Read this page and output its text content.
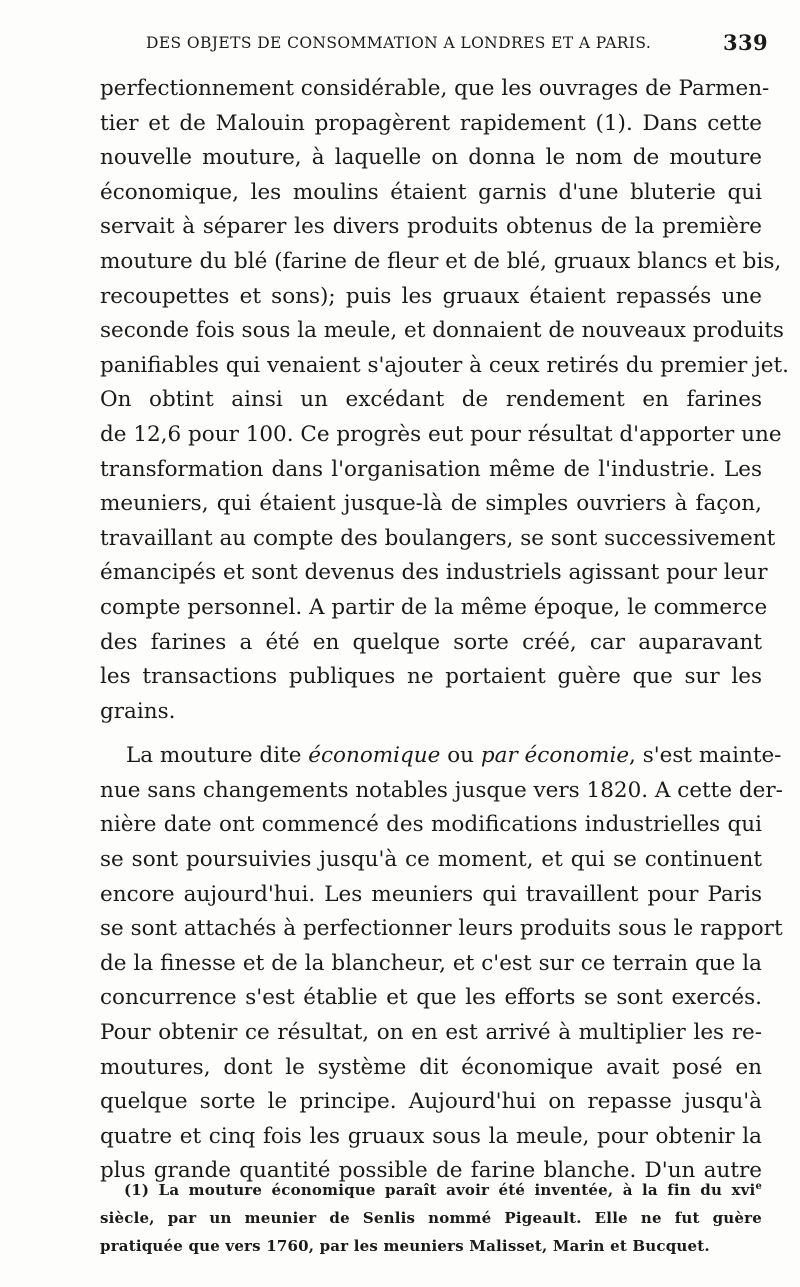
DES OBJETS DE CONSOMMATION A LONDRES ET A PARIS.	339
perfectionnement considérable, que les ouvrages de Parmen-
tier et de Malouin propagèrent rapidement (1). Dans cette
nouvelle mouture, à laquelle on donna le nom de mouture
économique, les moulins étaient garnis d'une bluterie qui
servait à séparer les divers produits obtenus de la première
mouture du blé (farine de fleur et de blé, gruaux blancs et bis,
recoupettes et sons); puis les gruaux étaient repassés une
seconde fois sous la meule, et donnaient de nouveaux produits
panifiables qui venaient s'ajouter à ceux retirés du premier jet.
On obtint ainsi un excédant de rendement en farines
de 12,6 pour 100. Ce progrès eut pour résultat d'apporter une
transformation dans l'organisation même de l'industrie. Les
meuniers, qui étaient jusque-là de simples ouvriers à façon,
travaillant au compte des boulangers, se sont successivement
émancipés et sont devenus des industriels agissant pour leur
compte personnel. A partir de la même époque, le commerce
des farines a été en quelque sorte créé, car auparavant
les transactions publiques ne portaient guère que sur les
grains.
La mouture dite économique ou par économie, s'est mainte-
nue sans changements notables jusque vers 1820. A cette der-
nière date ont commencé des modifications industrielles qui
se sont poursuivies jusqu'à ce moment, et qui se continuent
encore aujourd'hui. Les meuniers qui travaillent pour Paris
se sont attachés à perfectionner leurs produits sous le rapport
de la finesse et de la blancheur, et c'est sur ce terrain que la
concurrence s'est établie et que les efforts se sont exercés.
Pour obtenir ce résultat, on en est arrivé à multiplier les re-
moutures, dont le système dit économique avait posé en
quelque sorte le principe. Aujourd'hui on repasse jusqu'à
quatre et cinq fois les gruaux sous la meule, pour obtenir la
plus grande quantité possible de farine blanche. D'un autre
(1) La mouture économique paraît avoir été inventée, à la fin du xvi$^e$
siècle, par un meunier de Senlis nommé Pigeault. Elle ne fut guère
pratiquée que vers 1760, par les meuniers Malisset, Marin et Bucquet.
